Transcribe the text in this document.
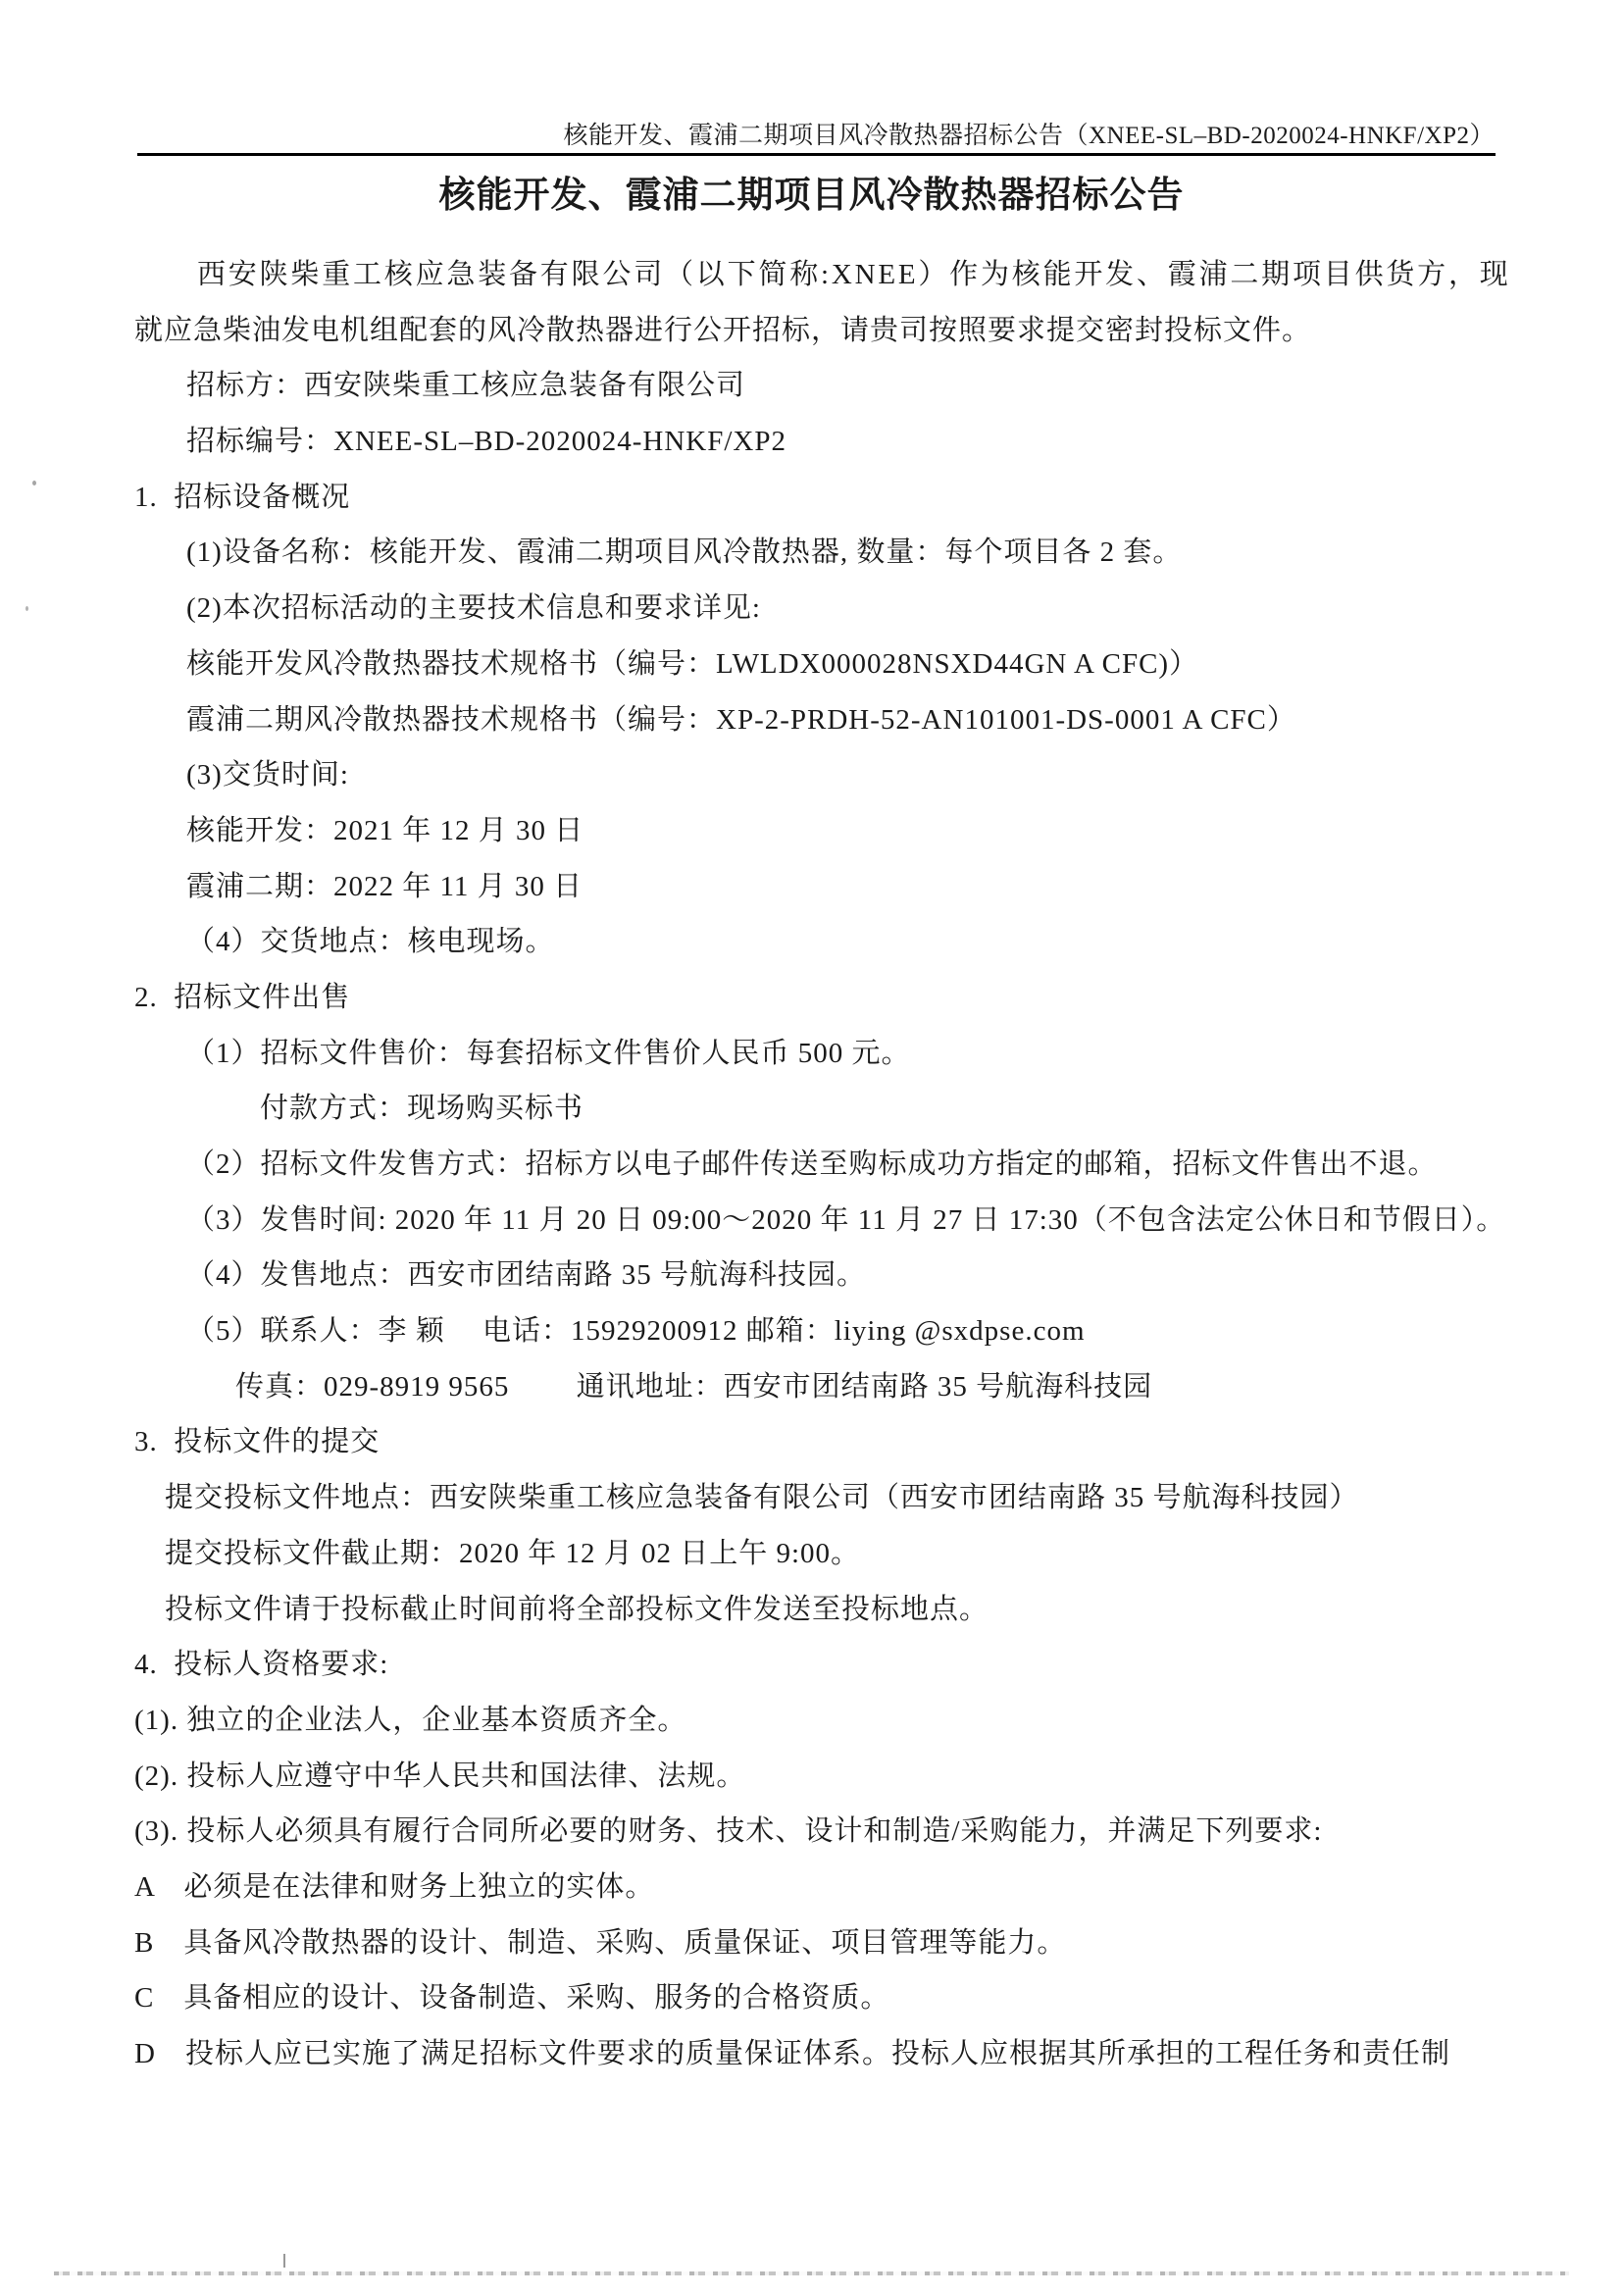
核能开发、霞浦二期项目风冷散热器招标公告（XNEE-SL–BD-2020024-HNKF/XP2）
核能开发、霞浦二期项目风冷散热器招标公告
西安陕柴重工核应急装备有限公司（以下简称:XNEE）作为核能开发、霞浦二期项目供货方，现
就应急柴油发电机组配套的风冷散热器进行公开招标，请贵司按照要求提交密封投标文件。
招标方：西安陕柴重工核应急装备有限公司
招标编号：XNEE-SL–BD-2020024-HNKF/XP2
1.  招标设备概况
(1)设备名称：核能开发、霞浦二期项目风冷散热器, 数量：每个项目各 2 套。
(2)本次招标活动的主要技术信息和要求详见:
核能开发风冷散热器技术规格书（编号：LWLDX000028NSXD44GN A CFC)）
霞浦二期风冷散热器技术规格书（编号：XP-2-PRDH-52-AN101001-DS-0001 A CFC）
(3)交货时间:
核能开发：2021 年 12 月 30 日
霞浦二期：2022 年 11 月 30 日
（4）交货地点：核电现场。
2.  招标文件出售
（1）招标文件售价：每套招标文件售价人民币 500 元。
付款方式：现场购买标书
（2）招标文件发售方式：招标方以电子邮件传送至购标成功方指定的邮箱，招标文件售出不退。
（3）发售时间: 2020 年 11 月 20 日 09:00～2020 年 11 月 27 日 17:30（不包含法定公休日和节假日）。
（4）发售地点：西安市团结南路 35 号航海科技园。
（5）联系人：李 颖　 电话：15929200912 邮箱：liying @sxdpse.com
传真：029-8919 9565　　 通讯地址：西安市团结南路 35 号航海科技园
3.  投标文件的提交
提交投标文件地点：西安陕柴重工核应急装备有限公司（西安市团结南路 35 号航海科技园）
提交投标文件截止期：2020 年 12 月 02 日上午 9:00。
投标文件请于投标截止时间前将全部投标文件发送至投标地点。
4.  投标人资格要求:
(1). 独立的企业法人，企业基本资质齐全。
(2). 投标人应遵守中华人民共和国法律、法规。
(3). 投标人必须具有履行合同所必要的财务、技术、设计和制造/采购能力，并满足下列要求:
A　必须是在法律和财务上独立的实体。
B　具备风冷散热器的设计、制造、采购、质量保证、项目管理等能力。
C　具备相应的设计、设备制造、采购、服务的合格资质。
D　投标人应已实施了满足招标文件要求的质量保证体系。投标人应根据其所承担的工程任务和责任制
